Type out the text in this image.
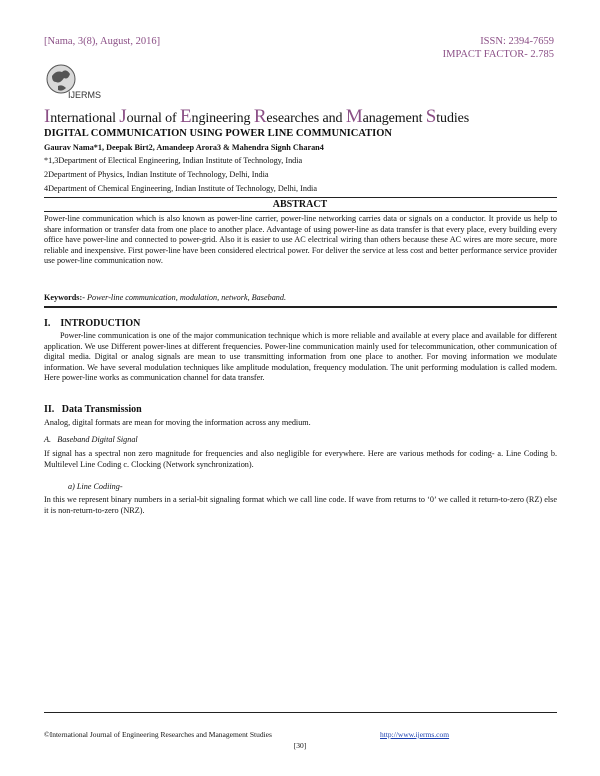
[Nama, 3(8), August, 2016]	ISSN: 2394-7659
IMPACT FACTOR- 2.785
IJERMS
International Journal of Engineering Researches and Management Studies
DIGITAL COMMUNICATION USING POWER LINE COMMUNICATION
Gaurav Nama*1, Deepak Birt2, Amandeep Arora3 & Mahendra Signh Charan4
*1,3Department of Electical Engineering, Indian Institute of Technology, India
2Department of Physics, Indian Institute of Technology, Delhi, India
4Department of Chemical Engineering, Indian Institute of Technology, Delhi, India
ABSTRACT
Power-line communication which is also known as power-line carrier, power-line networking carries data or signals on a conductor. It provide us help to share information or transfer data from one place to another place. Advantage of using power-line as data transfer is that every place, every building every office have power-line and connected to power-grid. Also it is easier to use AC electrical wiring than others because these AC wires are more secure, more reliable and inexpensive. First power-line have been considered electrical power. For deliver the service at less cost and better performance service provider use power-line communication now.
Keywords:- Power-line communication, modulation, network, Baseband.
I.    INTRODUCTION
Power-line communication is one of the major communication technique which is more reliable and available at every place and available for different application. We use Different power-lines at different frequencies. Power-line communication mainly used for telecommunication, other communication of digital media. Digital or analog signals are mean to use transmitting information from one place to another. For moving information we modulate information. We have several modulation techniques like amplitude modulation, frequency modulation. The unit performing modulation is called modem. Here power-line works as communication channel for data transfer.
II.   Data Transmission
Analog, digital formats are mean for moving the information across any medium.
A.   Baseband Digital Signal
If signal has a spectral non zero magnitude for frequencies and also negligible for everywhere. Here are various methods for coding- a. Line Coding b. Multilevel Line Coding c. Clocking (Network synchronization).
a) Line Codiing-
In this we represent binary numbers in a serial-bit signaling format which we call line code. If wave from returns to ‘0’ we called it return-to-zero (RZ) else it is non-return-to-zero (NRZ).
©International Journal of Engineering Researches and Management Studies	http://www.ijerms.com
[30]
